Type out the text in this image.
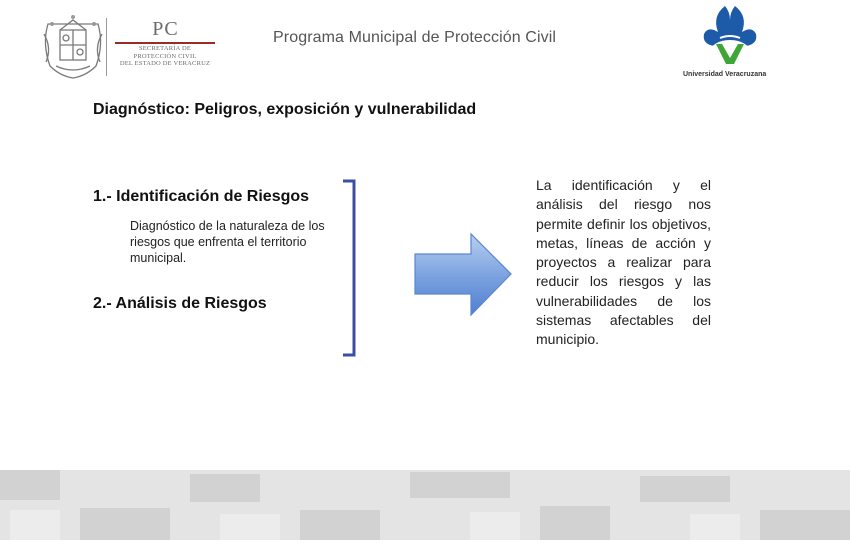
PC
SECRETARÍA DE
PROTECCIÓN CIVIL
DEL ESTADO DE VERACRUZ
Programa Municipal de Protección Civil
Universidad Veracruzana
Diagnóstico: Peligros, exposición y vulnerabilidad
1.- Identificación de Riesgos
Diagnóstico de la naturaleza de los riesgos que enfrenta el territorio municipal.
2.- Análisis de Riesgos
La identificación y el análisis del riesgo nos permite definir los objetivos, metas, líneas de acción y proyectos a realizar para reducir los riesgos y las vulnerabilidades de los sistemas afectables del municipio.
